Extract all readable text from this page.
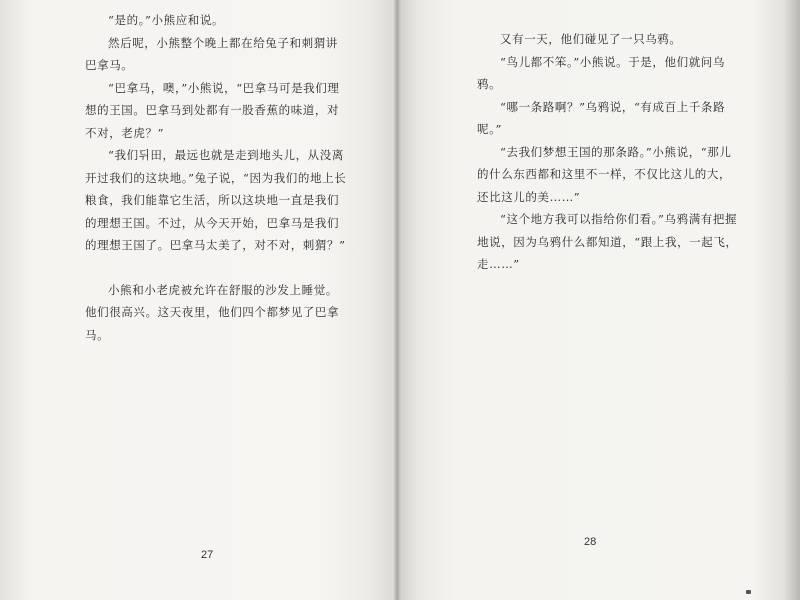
“是的。”小熊应和说。

然后呢，小熊整个晚上都在给兔子和刺猬讲巴拿马。

“巴拿马，噢，”小熊说，“巴拿马可是我们理想的王国。巴拿马到处都有一股香蕉的味道，对不对，老虎？”

“我们뒤田，最远也就是走到地头儿，从没离开过我们的这块地。”兔子说，“因为我们的地上长粮食，我们能靠它生活，所以这块地一直是我们的理想王国。不过，从今天开始，巴拿马是我们的理想王国了。巴拿马太美了，对不对，刺猬？”

小熊和小老虎被允许在舒服的沙发上睡觉。他们很高兴。这天夜里，他们四个都梦见了巴拿马。

27

又有一天，他们碰见了一只乌鸦。

“鸟儿都不笨。”小熊说。于是，他们就问乌鸦。

“哪一条路啊？”乌鸦说，“有成百上千条路呢。”

“去我们梦想王国的那条路。”小熊说，“那儿的什么东西都和这里不一样，不仅比这儿的大，还比这儿的美……”

“这个地方我可以指给你们看。”乌鸦满有把握地说，因为乌鸦什么都知道，“跟上我，一起飞，走……”

28
